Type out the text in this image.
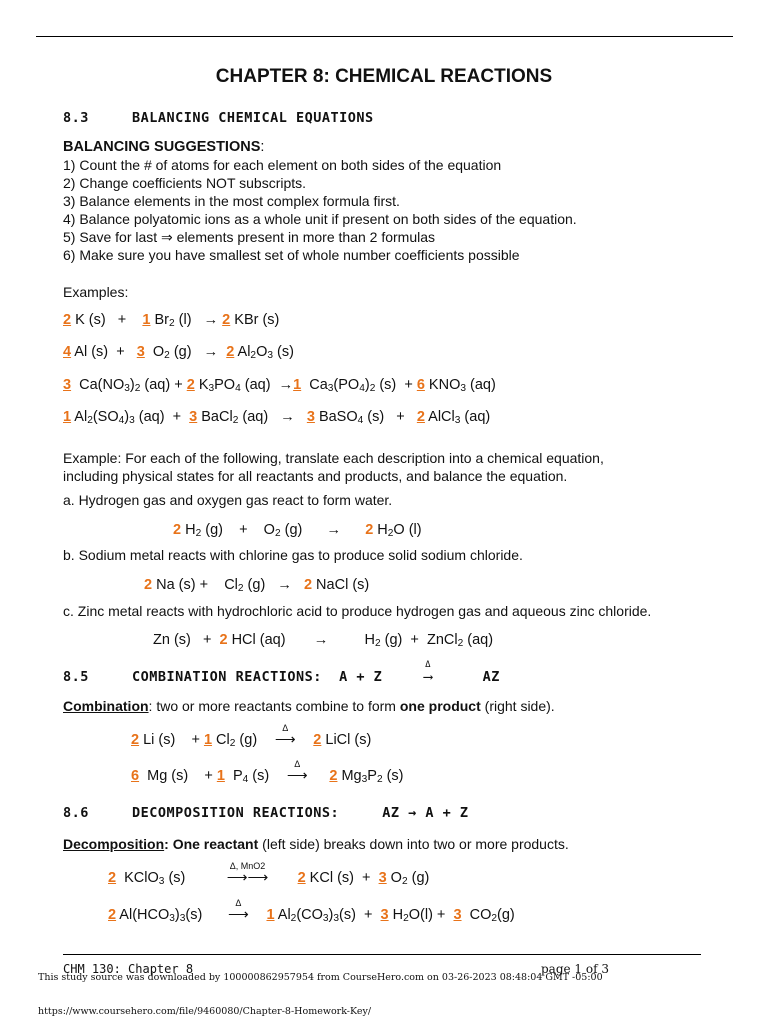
CHAPTER 8: CHEMICAL REACTIONS
8.3	BALANCING CHEMICAL EQUATIONS
BALANCING SUGGESTIONS:
1) Count the # of atoms for each element on both sides of the equation
2) Change coefficients NOT subscripts.
3) Balance elements in the most complex formula first.
4) Balance polyatomic ions as a whole unit if present on both sides of the equation.
5) Save for last ⇒ elements present in more than 2 formulas
6) Make sure you have smallest set of whole number coefficients possible
Examples:
2 K (s)   +    1 $Br_2$ (l)   → 2 KBr (s)
4 Al (s)  +   3  $O_2$ (g)   →  2 $Al_2O_3$ (s)
3  $Ca(NO_3)_2$ (aq) + 2 $K_3PO_4$ (aq)  →1  $Ca_3(PO_4)_2$ (s)  + 6 $KNO_3$ (aq)
1 $Al_2(SO_4)_3$ (aq)  +  3 BaCl$_2$ (aq)   →   3 BaSO$_4$ (s)   +   2 AlCl$_3$ (aq)
Example: For each of the following, translate each description into a chemical equation,
including physical states for all reactants and products, and balance the equation.
a. Hydrogen gas and oxygen gas react to form water.
2 $H_2$ (g)    +    $O_2$ (g)      →      2 $H_2O$ (l)
b. Sodium metal reacts with chlorine gas to produce solid sodium chloride.
2 Na (s) +    $Cl_2$ (g)   →   2 NaCl (s)
c. Zinc metal reacts with hydrochloric acid to produce hydrogen gas and aqueous zinc chloride.
Zn (s)   +  2 HCl (aq)       →         $H_2$ (g)  +  ZnCl$_2$ (aq)
8.5	COMBINATION REACTIONS: A + Z
Δ
⟶	AZ
Combination: two or more reactants combine to form one product (right side).
2 Li (s)    + 1 $Cl_2$ (g)
Δ
⟶ 2 LiCl (s)
6  Mg (s)    + 1  $P_4$ (s)
Δ
⟶ 2 $Mg_3P_2$ (s)
8.6	DECOMPOSITION REACTIONS:	AZ → A + Z
Decomposition: One reactant (left side) breaks down into two or more products.
2  KClO$_3$ (s)
Δ, MnO2
⟶⟶ 2 KCl (s)  +  3 $O_2$ (g)
2 $Al(HCO_3)_3(s)$
Δ
⟶ 1 $Al_2(CO_3)_3(s) + 3$ $H_2O(l) + 3$  $CO_2(g)$
CHM 130: Chapter 8	page 1 of 3
This study source was downloaded by 100000862957954 from CourseHero.com on 03-26-2023 08:48:04 GMT -05:00
https://www.coursehero.com/file/9460080/Chapter-8-Homework-Key/
